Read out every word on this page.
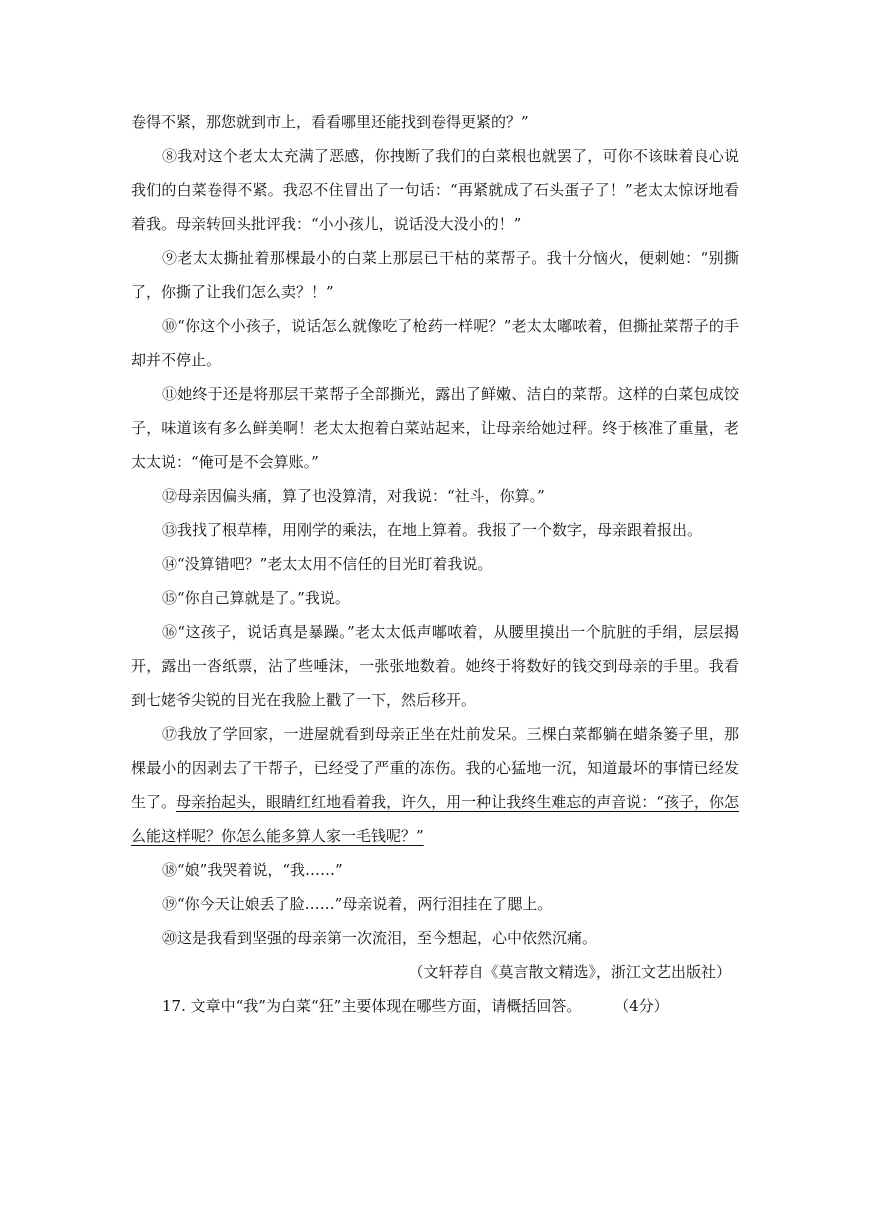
卷得不紧，那您就到市上，看看哪里还能找到卷得更紧的？”

⑧我对这个老太太充满了恶感，你拽断了我们的白菜根也就罢了，可你不该昧着良心说我们的白菜卷得不紧。我忍不住冒出了一句话：“再紧就成了石头蛋子了！”老太太惊讶地看着我。母亲转回头批评我：“小小孩儿，说话没大没小的！”

⑨老太太撕扯着那棵最小的白菜上那层已干枯的菜帮子。我十分恼火，便刺她：“别撕了，你撕了让我们怎么卖？！”

⑩“你这个小孩子，说话怎么就像吃了枪药一样呢？”老太太嘟哝着，但撕扯菜帮子的手却并不停止。

⑪她终于还是将那层干菜帮子全部撕光，露出了鲜嫩、洁白的菜帮。这样的白菜包成饺子，味道该有多么鲜美啊！老太太抱着白菜站起来，让母亲给她过秤。终于核准了重量，老太太说：“俺可是不会算账。”

⑫母亲因偏头痛，算了也没算清，对我说：“社斗，你算。”

⑬我找了根草棒，用刚学的乘法，在地上算着。我报了一个数字，母亲跟着报出。

⑭“没算错吧？”老太太用不信任的目光盯着我说。

⑮“你自己算就是了。”我说。

⑯“这孩子，说话真是暴躁。”老太太低声嘟哝着，从腰里摸出一个肮脏的手绢，层层揭开，露出一沓纸票，沾了些唾沫，一张张地数着。她终于将数好的钱交到母亲的手里。我看到七姥爷尖锐的目光在我脸上戳了一下，然后移开。

⑰我放了学回家，一进屋就看到母亲正坐在灶前发呆。三棵白菜都躺在蜡条篓子里，那棵最小的因剥去了干帮子，已经受了严重的冻伤。我的心猛地一沉，知道最坏的事情已经发生了。母亲抬起头，眼睛红红地看着我，许久，用一种让我终生难忘的声音说：“孩子，你怎么能这样呢？你怎么能多算人家一毛钱呢？”

⑱“娘”我哭着说，“我……”

⑲“你今天让娘丢了脸……”母亲说着，两行泪挂在了腮上。

⑳这是我看到坚强的母亲第一次流泪，至今想起，心中依然沉痛。

（文轩荐自《莫言散文精选》，浙江文艺出版社）

17. 文章中“我”为白菜“狂”主要体现在哪些方面，请概括回答。 （4分）
